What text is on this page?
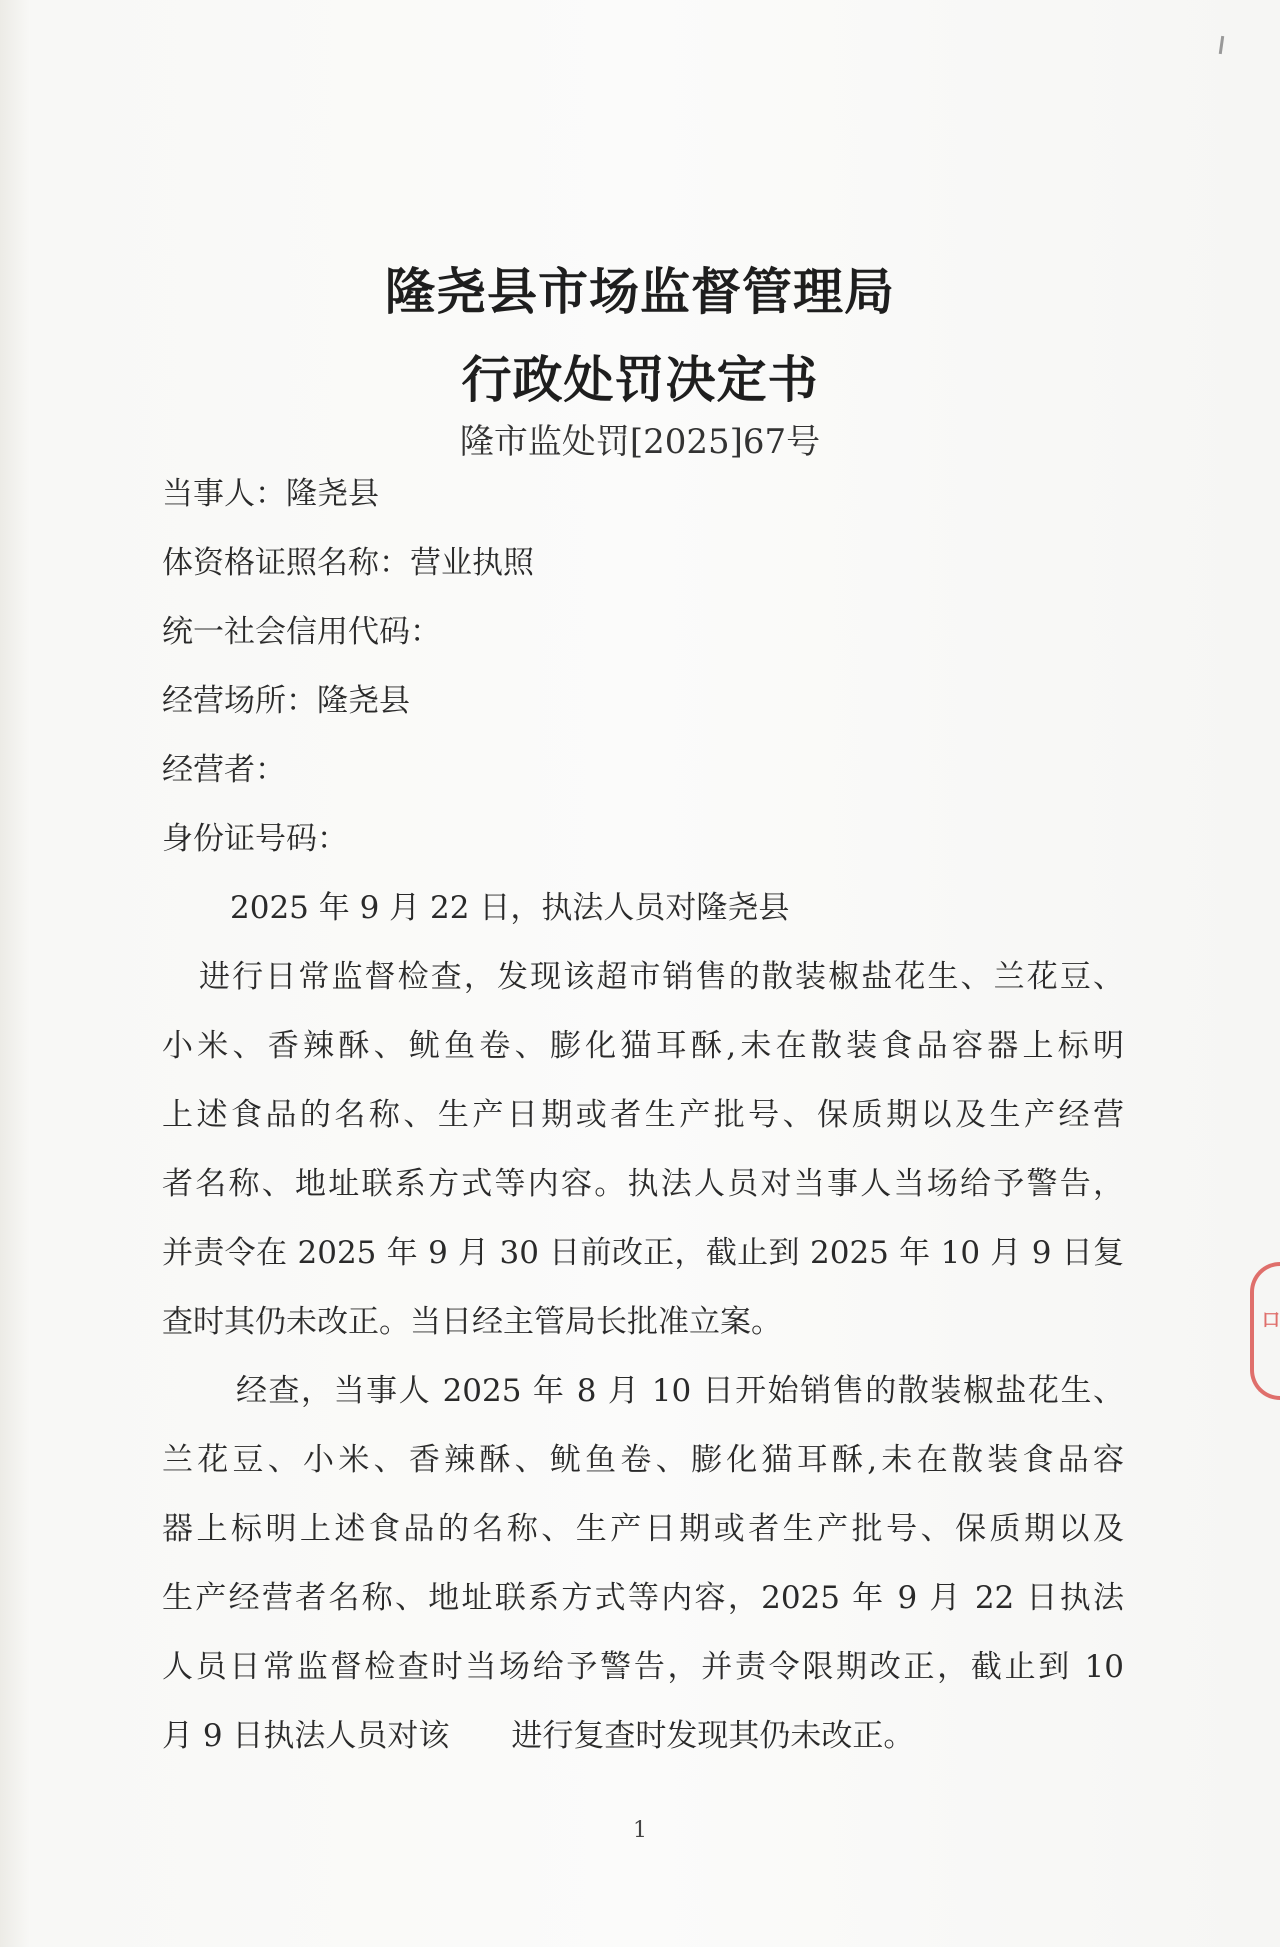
隆尧县市场监督管理局
行政处罚决定书
隆市监处罚[2025]67号
当事人：隆尧县
体资格证照名称：营业执照
统一社会信用代码：
经营场所：隆尧县
经营者：
身份证号码：
2025 年 9 月 22 日，执法人员对隆尧县
进行日常监督检查，发现该超市销售的散装椒盐花生、兰花豆、
小米、香辣酥、鱿鱼卷、膨化猫耳酥,未在散装食品容器上标明
上述食品的名称、生产日期或者生产批号、保质期以及生产经营
者名称、地址联系方式等内容。执法人员对当事人当场给予警告，
并责令在 2025 年 9 月 30 日前改正，截止到 2025 年 10 月 9 日复
查时其仍未改正。当日经主管局长批准立案。
经查，当事人 2025 年 8 月 10 日开始销售的散装椒盐花生、
兰花豆、小米、香辣酥、鱿鱼卷、膨化猫耳酥,未在散装食品容
器上标明上述食品的名称、生产日期或者生产批号、保质期以及
生产经营者名称、地址联系方式等内容，2025 年 9 月 22 日执法
人员日常监督检查时当场给予警告，并责令限期改正，截止到 10
月 9 日执法人员对该　　进行复查时发现其仍未改正。
1
口
